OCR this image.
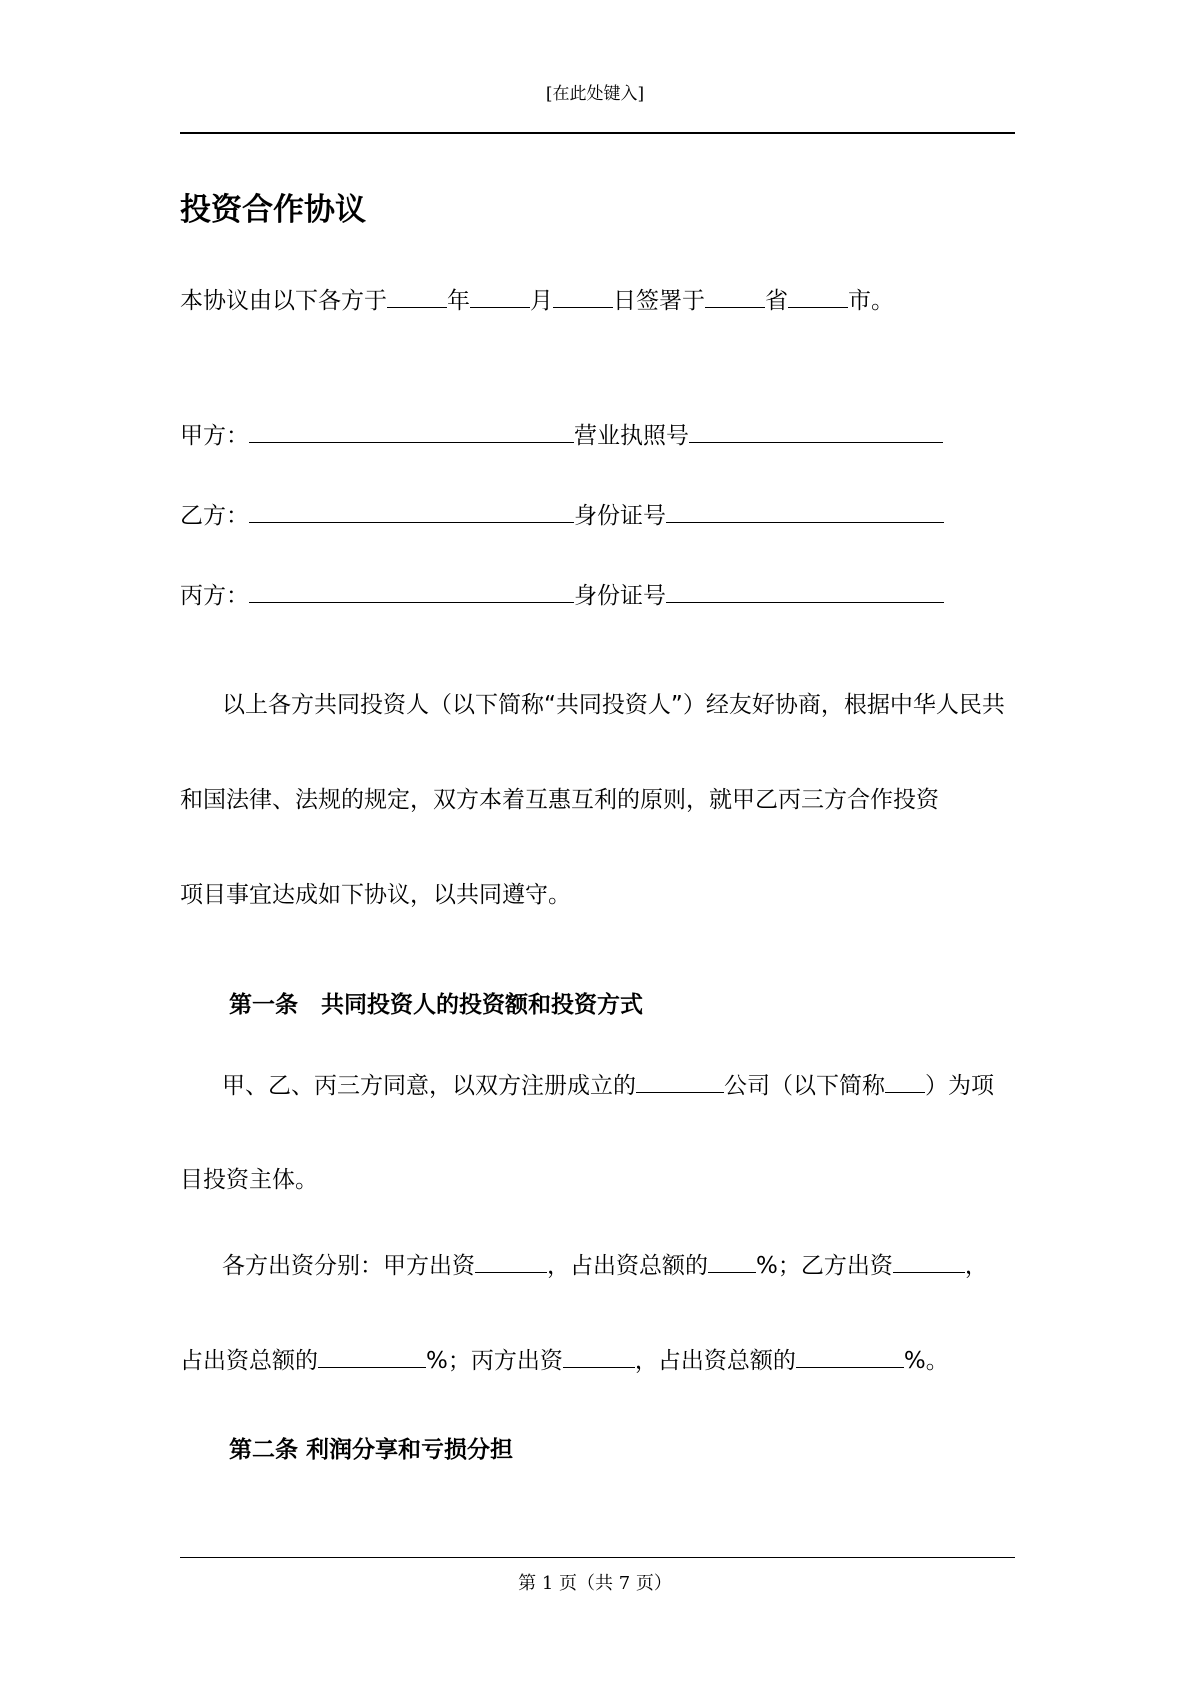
[在此处键入]
投资合作协议
本协议由以下各方于	年	月	日签署于	省	市。
甲方：	营业执照号
乙方：	身份证号
丙方：	身份证号
以上各方共同投资人（以下简称“共同投资人”）经友好协商，根据中华人民共
和国法律、法规的规定，双方本着互惠互利的原则，就甲乙丙三方合作投资
项目事宜达成如下协议，以共同遵守。
第一条　共同投资人的投资额和投资方式
甲、乙、丙三方同意，以双方注册成立的	公司（以下简称 ）为项
目投资主体。
各方出资分别：甲方出资	，占出资总额的 %；乙方出资	，
占出资总额的	%；丙方出资	，占出资总额的	%。
第二条 利润分享和亏损分担
第 1 页（共 7 页）
